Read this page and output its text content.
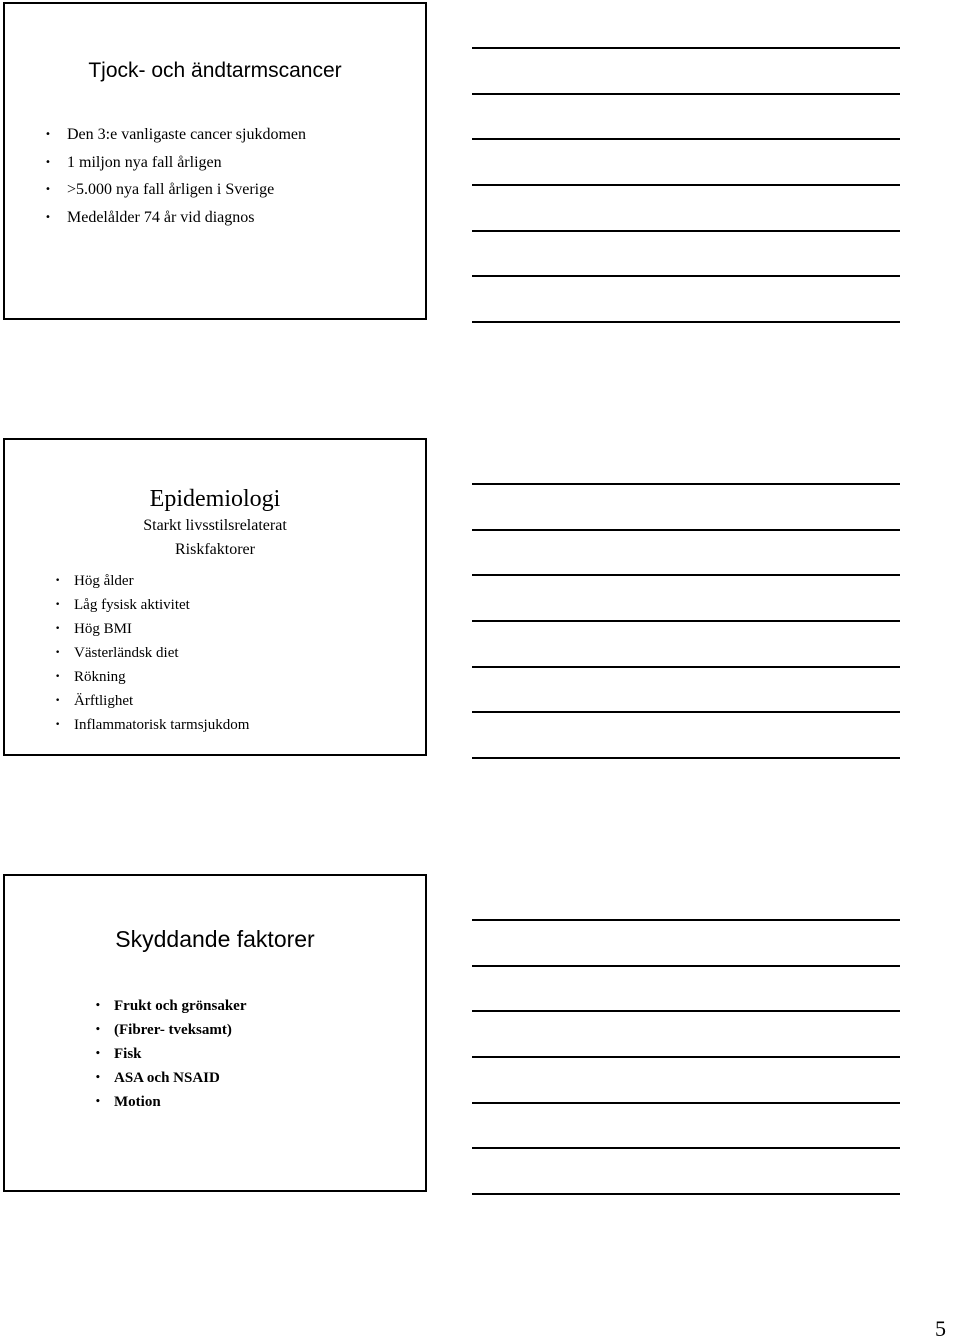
Tjock- och ändtarmscancer
• Den 3:e vanligaste cancer sjukdomen
• 1 miljon nya fall årligen
• >5.000 nya fall årligen i Sverige
• Medelålder 74 år vid diagnos
Epidemiologi
Starkt livsstilsrelaterat
Riskfaktorer
• Hög ålder
• Låg fysisk aktivitet
• Hög BMI
• Västerländsk diet
• Rökning
• Ärftlighet
• Inflammatorisk tarmsjukdom
Skyddande faktorer
• Frukt och grönsaker
• (Fibrer- tveksamt)
• Fisk
• ASA och NSAID
• Motion
5
